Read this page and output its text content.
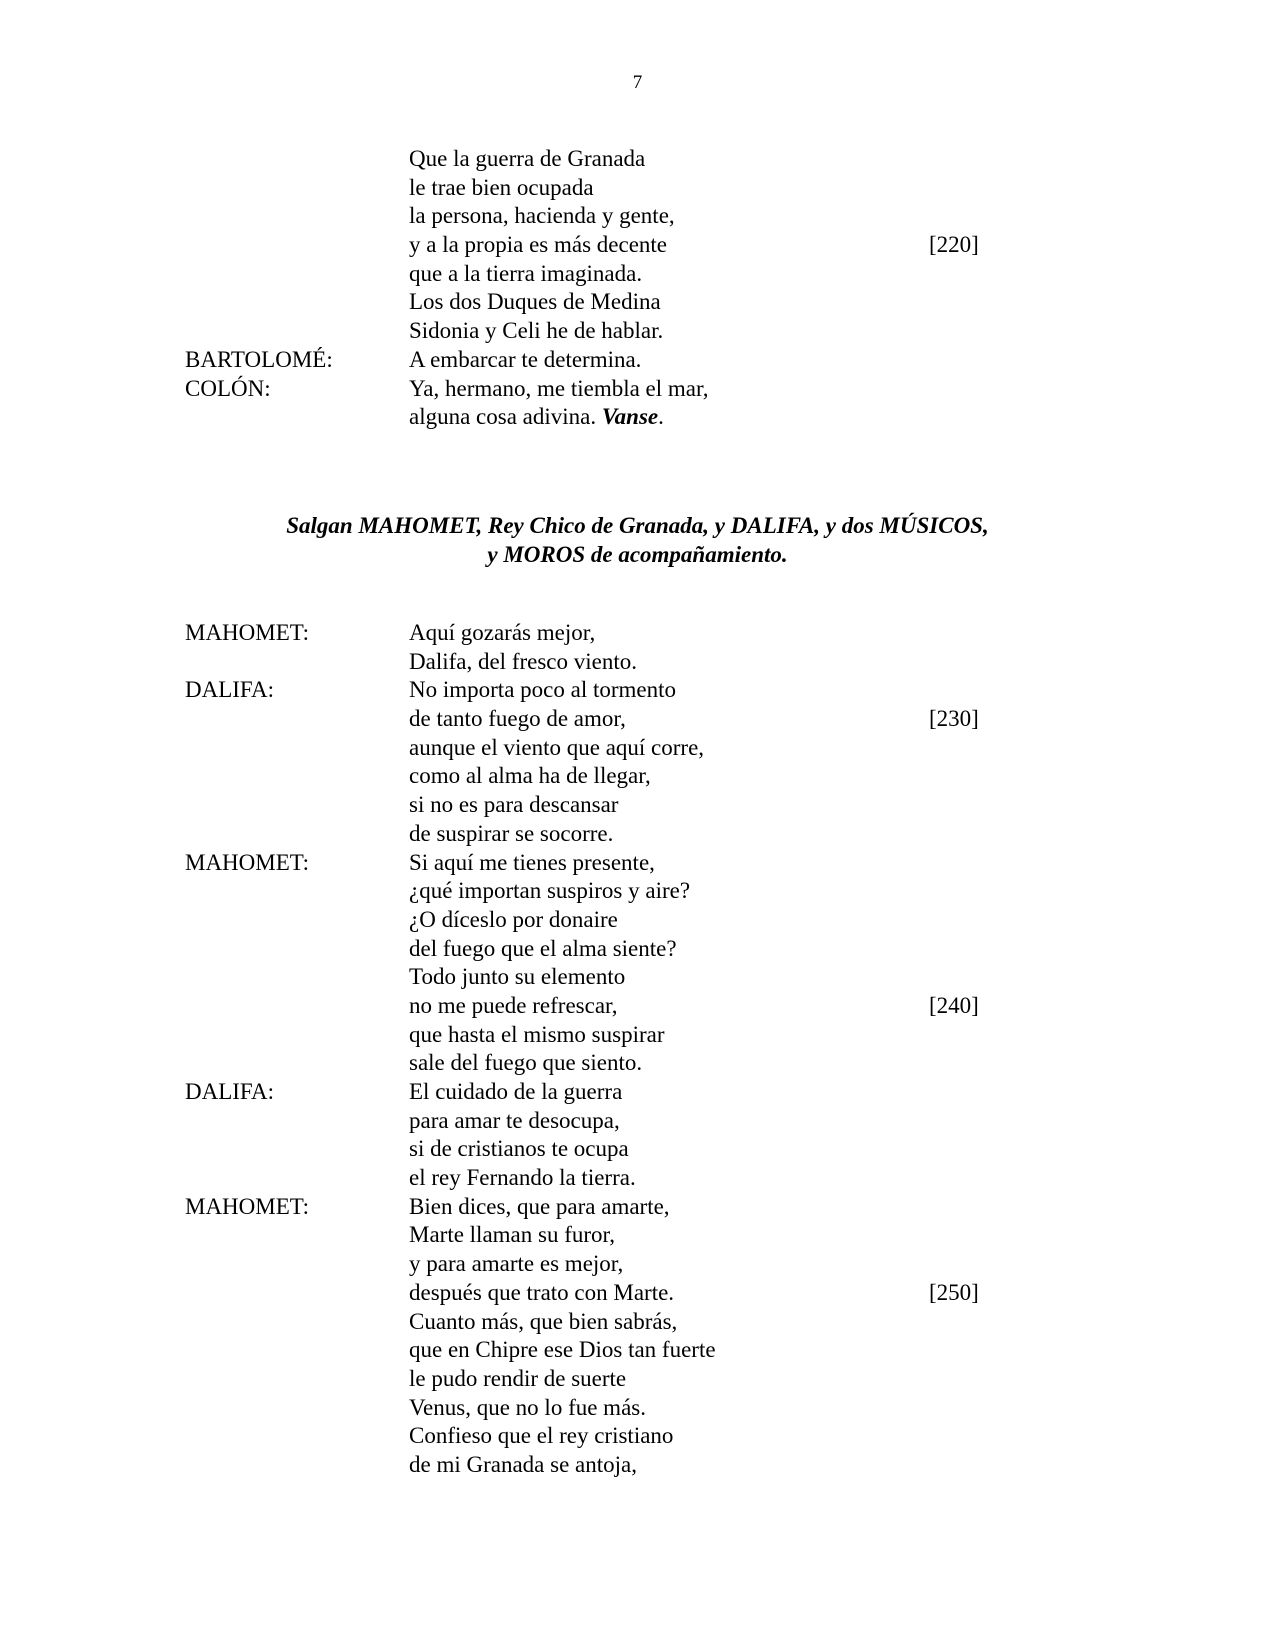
7
Que la guerra de Granada
le trae bien ocupada
la persona, hacienda y gente,
y a la propia es más decente	[220]
que a la tierra imaginada.
Los dos Duques de Medina
Sidonia y Celi he de hablar.
BARTOLOMÉ:	A embarcar te determina.
COLÓN:	Ya, hermano, me tiembla el mar,
alguna cosa adivina. Vanse.
Salgan MAHOMET, Rey Chico de Granada, y DALIFA, y dos MÚSICOS,
y MOROS de acompañamiento.
MAHOMET:	Aquí gozarás mejor,
Dalifa, del fresco viento.
DALIFA:	No importa poco al tormento
de tanto fuego de amor,	[230]
aunque el viento que aquí corre,
como al alma ha de llegar,
si no es para descansar
de suspirar se socorre.
MAHOMET:	Si aquí me tienes presente,
¿qué importan suspiros y aire?
¿O díceslo por donaire
del fuego que el alma siente?
Todo junto su elemento
no me puede refrescar,	[240]
que hasta el mismo suspirar
sale del fuego que siento.
DALIFA:	El cuidado de la guerra
para amar te desocupa,
si de cristianos te ocupa
el rey Fernando la tierra.
MAHOMET:	Bien dices, que para amarte,
Marte llaman su furor,
y para amarte es mejor,
después que trato con Marte.	[250]
Cuanto más, que bien sabrás,
que en Chipre ese Dios tan fuerte
le pudo rendir de suerte
Venus, que no lo fue más.
Confieso que el rey cristiano
de mi Granada se antoja,
